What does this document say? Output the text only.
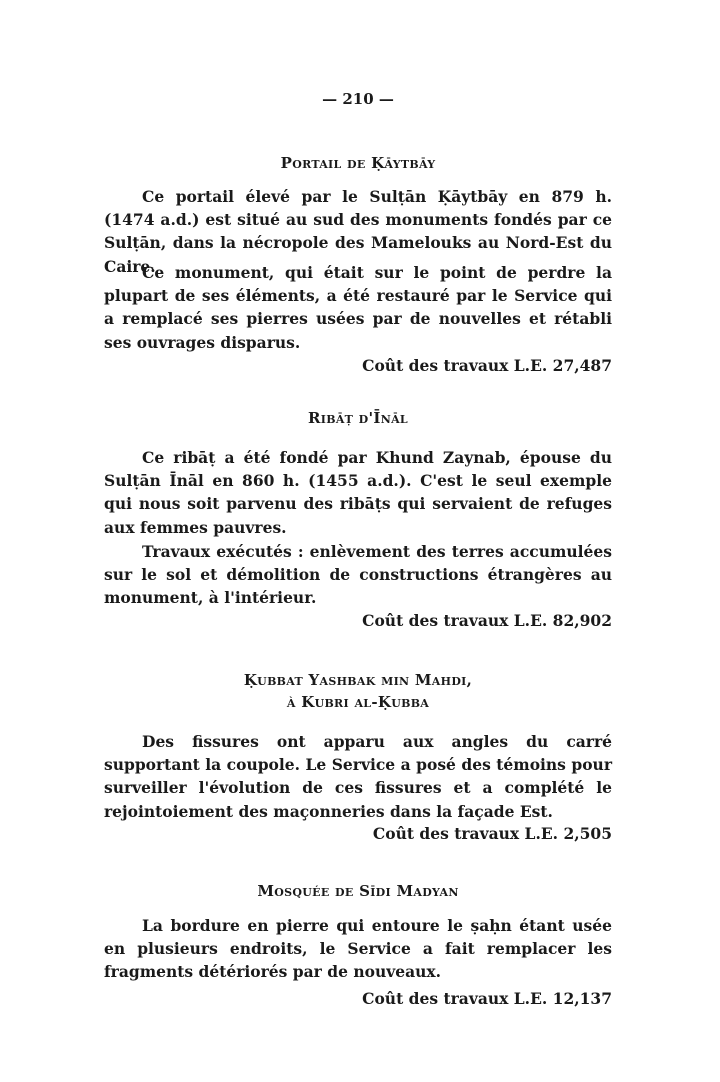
— 210 —
Portail de Ḳāytbāy

Ce portail élevé par le Sulṭān Ḳāytbāy en 879 h. (1474 a.d.) est situé au sud des monuments fondés par ce Sulṭān, dans la nécropole des Mamelouks au Nord-Est du Caire.

Ce monument, qui était sur le point de perdre la plupart de ses éléments, a été restauré par le Service qui a remplacé ses pierres usées par de nouvelles et rétabli ses ouvrages disparus.

Coût des travaux L.E. 27,487
Ribāṭ d'Īnāl

Ce ribāṭ a été fondé par Khund Zaynab, épouse du Sulṭān Īnāl en 860 h. (1455 a.d.). C'est le seul exemple qui nous soit parvenu des ribāṭs qui servaient de refuges aux femmes pauvres.

Travaux exécutés : enlèvement des terres accumulées sur le sol et démolition de constructions étrangères au monument, à l'intérieur.

Coût des travaux L.E. 82,902
Ḳubbat Yashbak min Mahdi,
à Kubri al-Ḳubba

Des fissures ont apparu aux angles du carré supportant la coupole. Le Service a posé des témoins pour surveiller l'évolution de ces fissures et a complété le rejointoiement des maçonneries dans la façade Est.

Coût des travaux L.E. 2,505
Mosquée de Sīdi Madyan

La bordure en pierre qui entoure le ṣaḥn étant usée en plusieurs endroits, le Service a fait remplacer les fragments détériorés par de nouveaux.

Coût des travaux L.E. 12,137
